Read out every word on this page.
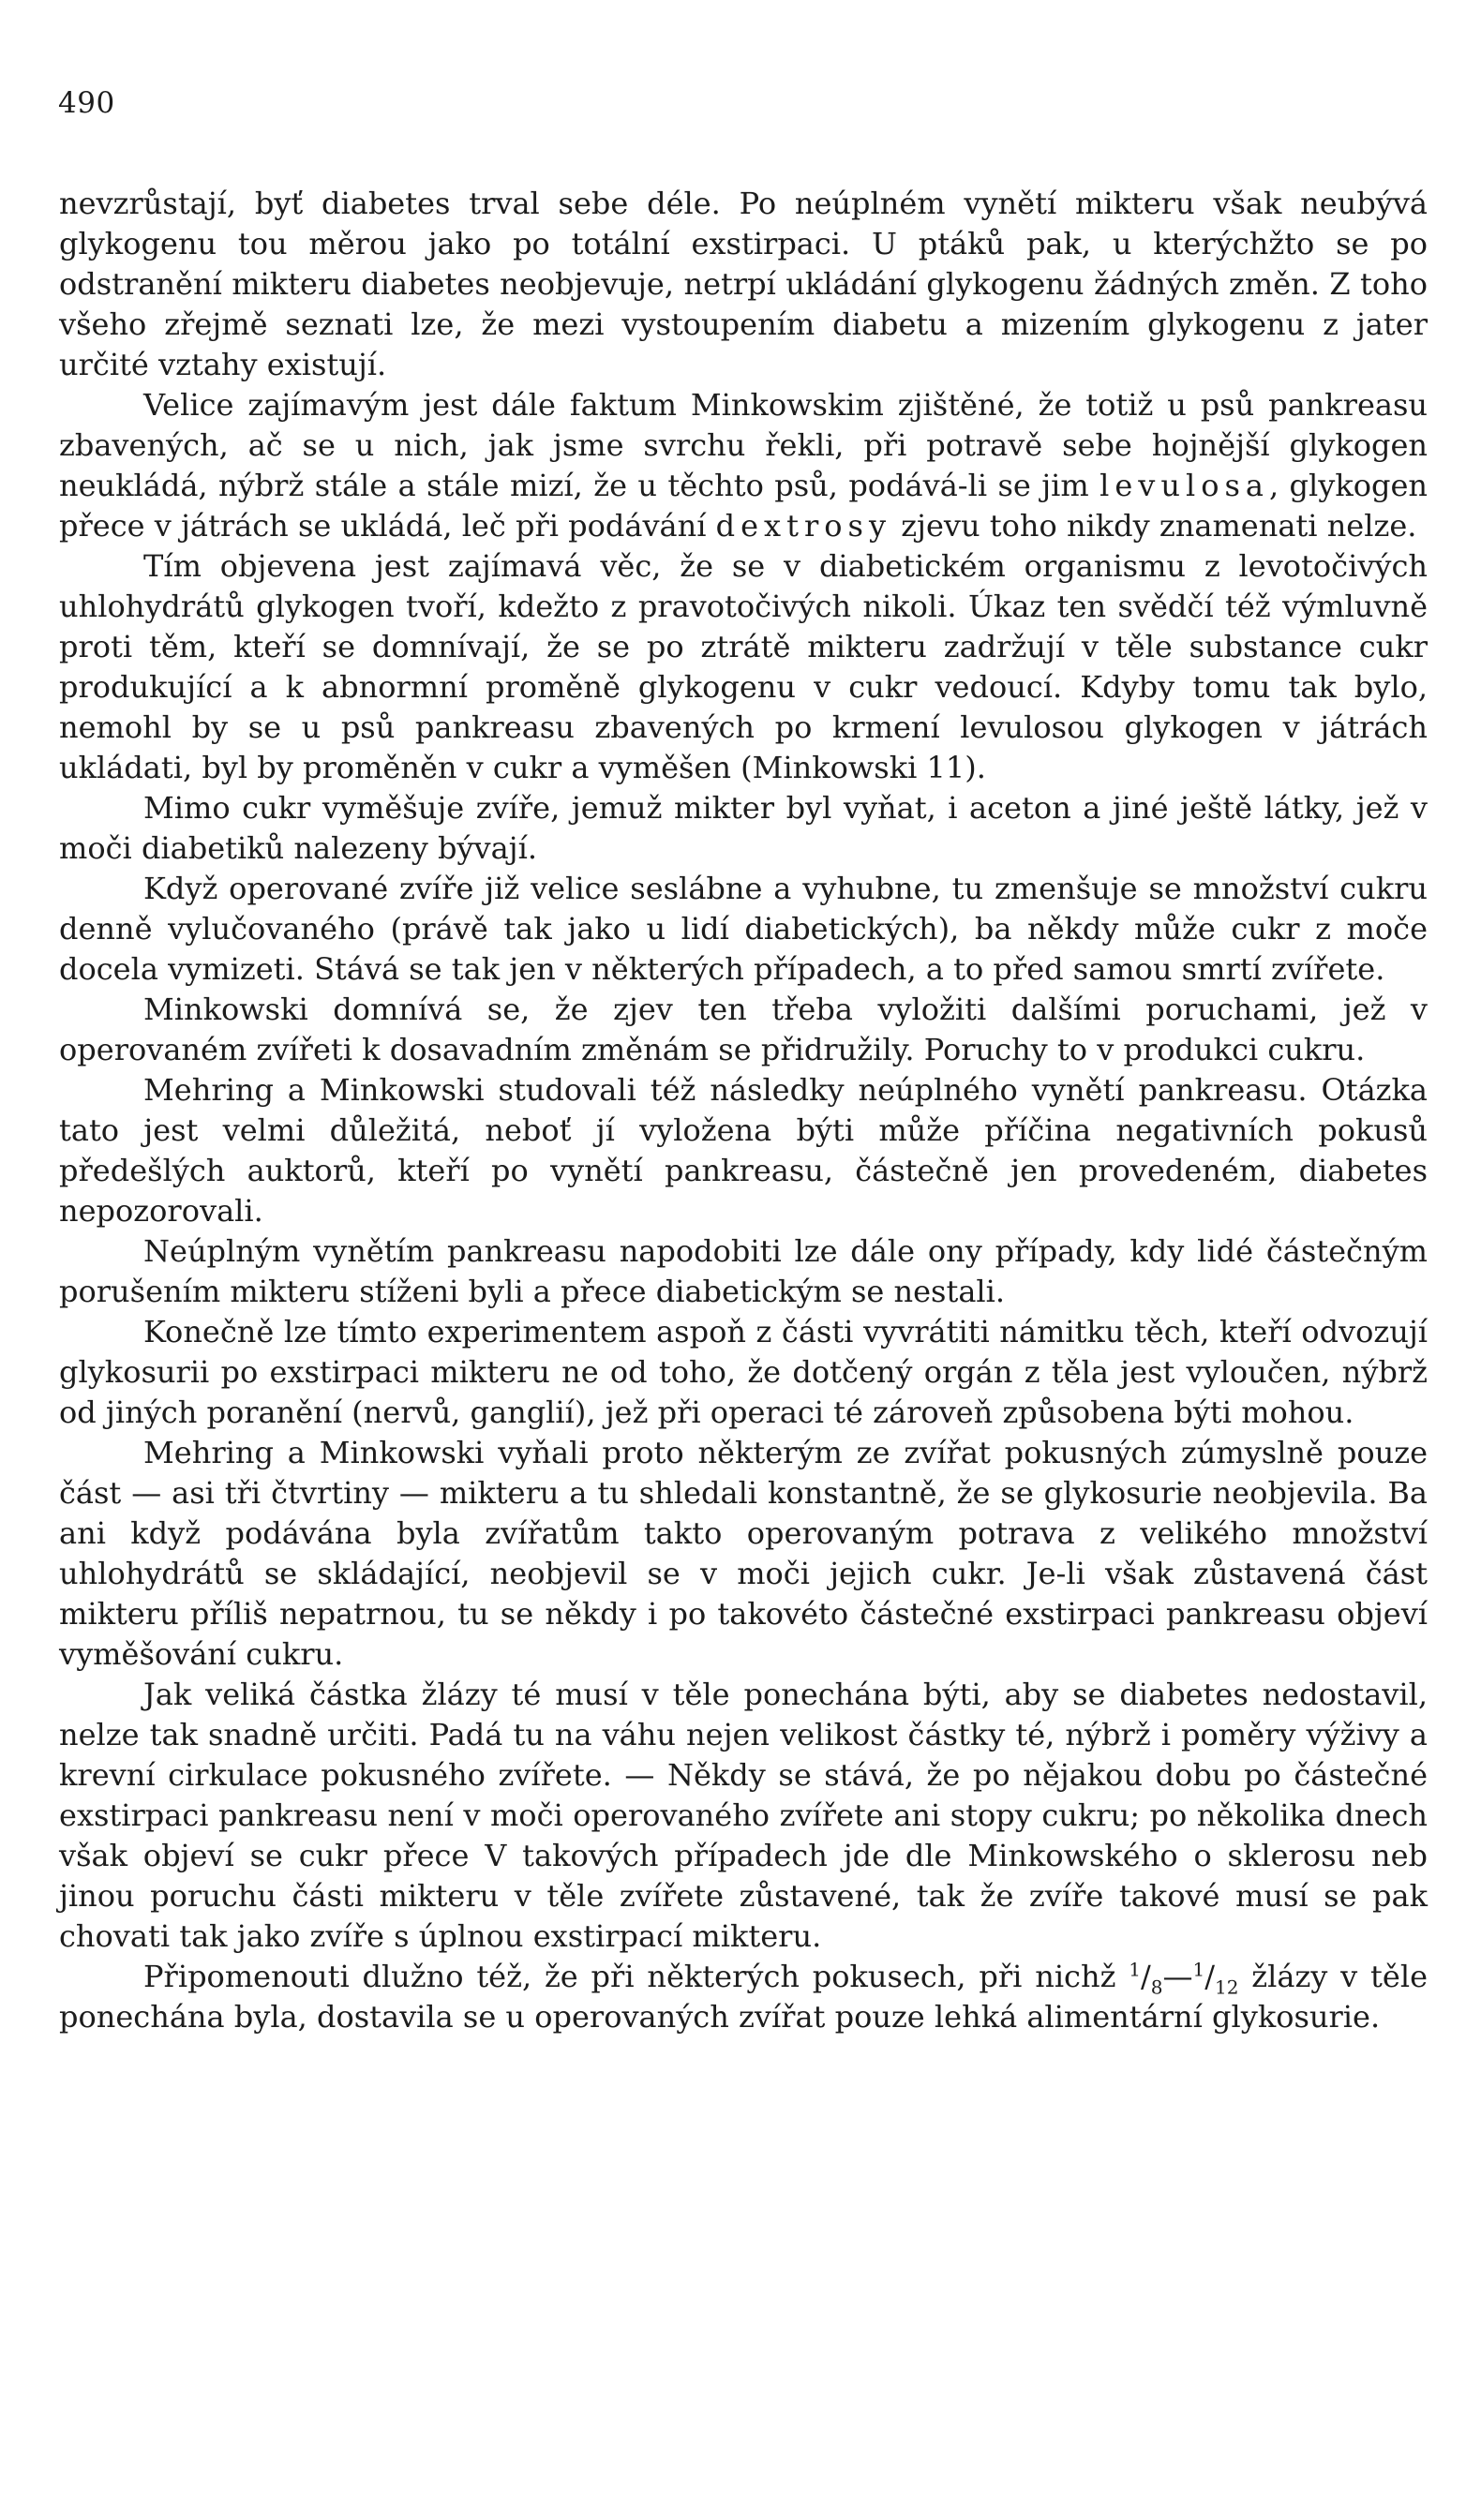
490

nevzrůstají, byť diabetes trval sebe déle. Po neúplném vynětí mikteru však neubývá glykogenu tou měrou jako po totální exstirpaci. U ptáků pak, u kterýchžto se po odstranění mikteru diabetes neobjevuje, netrpí ukládání glykogenu žádných změn. Z toho všeho zřejmě seznati lze, že mezi vystoupením diabetu a mizením glykogenu z jater určité vztahy existují.

Velice zajímavým jest dále faktum Minkowskim zjištěné, že totiž u psů pankreasu zbavených, ač se u nich, jak jsme svrchu řekli, při potravě sebe hojnější glykogen neukládá, nýbrž stále a stále mizí, že u těchto psů, podává-li se jim levulosa, glykogen přece v játrách se ukládá, leč při podávání dextrosy zjevu toho nikdy znamenati nelze.

Tím objevena jest zajímavá věc, že se v diabetickém organismu z levotočivých uhlohydrátů glykogen tvoří, kdežto z pravotočivých nikoli. Úkaz ten svědčí též výmluvně proti těm, kteří se domnívají, že se po ztrátě mikteru zadržují v těle substance cukr produkující a k abnormní proměně glykogenu v cukr vedoucí. Kdyby tomu tak bylo, nemohl by se u psů pankreasu zbavených po krmení levulosou glykogen v játrách ukládati, byl by proměněn v cukr a vyměšen (Minkowski 11).

Mimo cukr vyměšuje zvíře, jemuž mikter byl vyňat, i aceton a jiné ještě látky, jež v moči diabetiků nalezeny bývají.

Když operované zvíře již velice seslábne a vyhubne, tu zmenšuje se množství cukru denně vylučovaného (právě tak jako u lidí diabetických), ba někdy může cukr z moče docela vymizeti. Stává se tak jen v některých případech, a to před samou smrtí zvířete.

Minkowski domnívá se, že zjev ten třeba vyložiti dalšími poruchami, jež v operovaném zvířeti k dosavadním změnám se přidružily. Poruchy to v produkci cukru.

Mehring a Minkowski studovali též následky neúplného vynětí pankreasu. Otázka tato jest velmi důležitá, neboť jí vyložena býti může příčina negativních pokusů předešlých auktorů, kteří po vynětí pankreasu, částečně jen provedeném, diabetes nepozorovali.

Neúplným vynětím pankreasu napodobiti lze dále ony případy, kdy lidé částečným porušením mikteru stíženi byli a přece diabetickým se nestali.

Konečně lze tímto experimentem aspoň z části vyvrátiti námitku těch, kteří odvozují glykosurii po exstirpaci mikteru ne od toho, že dotčený orgán z těla jest vyloučen, nýbrž od jiných poranění (nervů, ganglií), jež při operaci té zároveň způsobena býti mohou.

Mehring a Minkowski vyňali proto některým ze zvířat pokusných zúmyslně pouze část — asi tři čtvrtiny — mikteru a tu shledali konstantně, že se glykosurie neobjevila. Ba ani když podávána byla zvířatům takto operovaným potrava z velikého množství uhlohydrátů se skládající, neobjevil se v moči jejich cukr. Je-li však zůstavená část mikteru příliš nepatrnou, tu se někdy i po takovéto částečné exstirpaci pankreasu objeví vyměšování cukru.

Jak veliká částka žlázy té musí v těle ponechána býti, aby se diabetes nedostavil, nelze tak snadně určiti. Padá tu na váhu nejen velikost částky té, nýbrž i poměry výživy a krevní cirkulace pokusného zvířete. — Někdy se stává, že po nějakou dobu po částečné exstirpaci pankreasu není v moči operovaného zvířete ani stopy cukru; po několika dnech však objeví se cukr přece V takových případech jde dle Minkowského o sklerosu neb jinou poruchu části mikteru v těle zvířete zůstavené, tak že zvíře takové musí se pak chovati tak jako zvíře s úplnou exstirpací mikteru.

Připomenouti dlužno též, že při některých pokusech, při nichž $^1/_8—^1/_{12}$ žlázy v těle ponechána byla, dostavila se u operovaných zvířat pouze lehká alimentární glykosurie.
